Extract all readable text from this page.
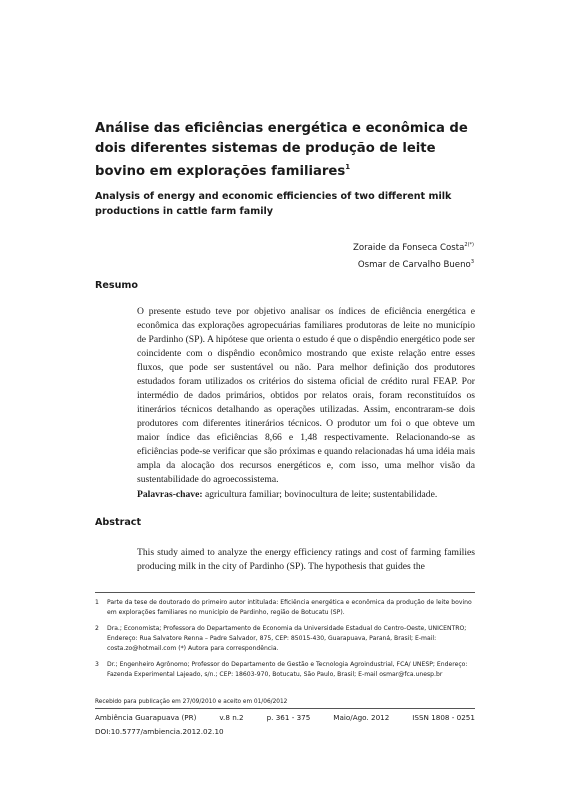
Análise das eficiências energética e econômica de dois diferentes sistemas de produção de leite bovino em explorações familiares$^1$
Analysis of energy and economic efficiencies of two different milk productions in cattle farm family
Zoraide da Fonseca Costa$^{2(*)}$
Osmar de Carvalho Bueno$^3$
Resumo
O presente estudo teve por objetivo analisar os índices de eficiência energética e econômica das explorações agropecuárias familiares produtoras de leite no município de Pardinho (SP). A hipótese que orienta o estudo é que o dispêndio energético pode ser coincidente com o dispêndio econômico mostrando que existe relação entre esses fluxos, que pode ser sustentável ou não. Para melhor definição dos produtores estudados foram utilizados os critérios do sistema oficial de crédito rural FEAP. Por intermédio de dados primários, obtidos por relatos orais, foram reconstituídos os itinerários técnicos detalhando as operações utilizadas. Assim, encontraram-se dois produtores com diferentes itinerários técnicos. O produtor um foi o que obteve um maior índice das eficiências 8,66 e 1,48 respectivamente. Relacionando-se as eficiências pode-se verificar que são próximas e quando relacionadas há uma idéia mais ampla da alocação dos recursos energéticos e, com isso, uma melhor visão da sustentabilidade do agroecossistema.
Palavras-chave: agricultura familiar; bovinocultura de leite; sustentabilidade.
Abstract
This study aimed to analyze the energy efficiency ratings and cost of farming families producing milk in the city of Pardinho (SP). The hypothesis that guides the
1	Parte da tese de doutorado do primeiro autor intitulada: Eficiência energética e econômica da produção de leite bovino em explorações familiares no município de Pardinho, região de Botucatu (SP).
2	Dra.; Economista; Professora do Departamento de Economia da Universidade Estadual do Centro-Oeste, UNICENTRO; Endereço: Rua Salvatore Renna – Padre Salvador, 875, CEP: 85015-430, Guarapuava, Paraná, Brasil; E-mail: costa.zo@hotmail.com (*) Autora para correspondência.
3	Dr.; Engenheiro Agrônomo; Professor do Departamento de Gestão e Tecnologia Agroindustrial, FCA/ UNESP; Endereço: Fazenda Experimental Lajeado, s/n.; CEP: 18603-970, Botucatu, São Paulo, Brasil; E-mail osmar@fca.unesp.br
Recebido para publicação em 27/09/2010 e aceito em 01/06/2012
Ambiência Guarapuava (PR)	v.8 n.2	p. 361 - 375	Maio/Ago. 2012	ISSN 1808 - 0251
DOI:10.5777/ambiencia.2012.02.10
